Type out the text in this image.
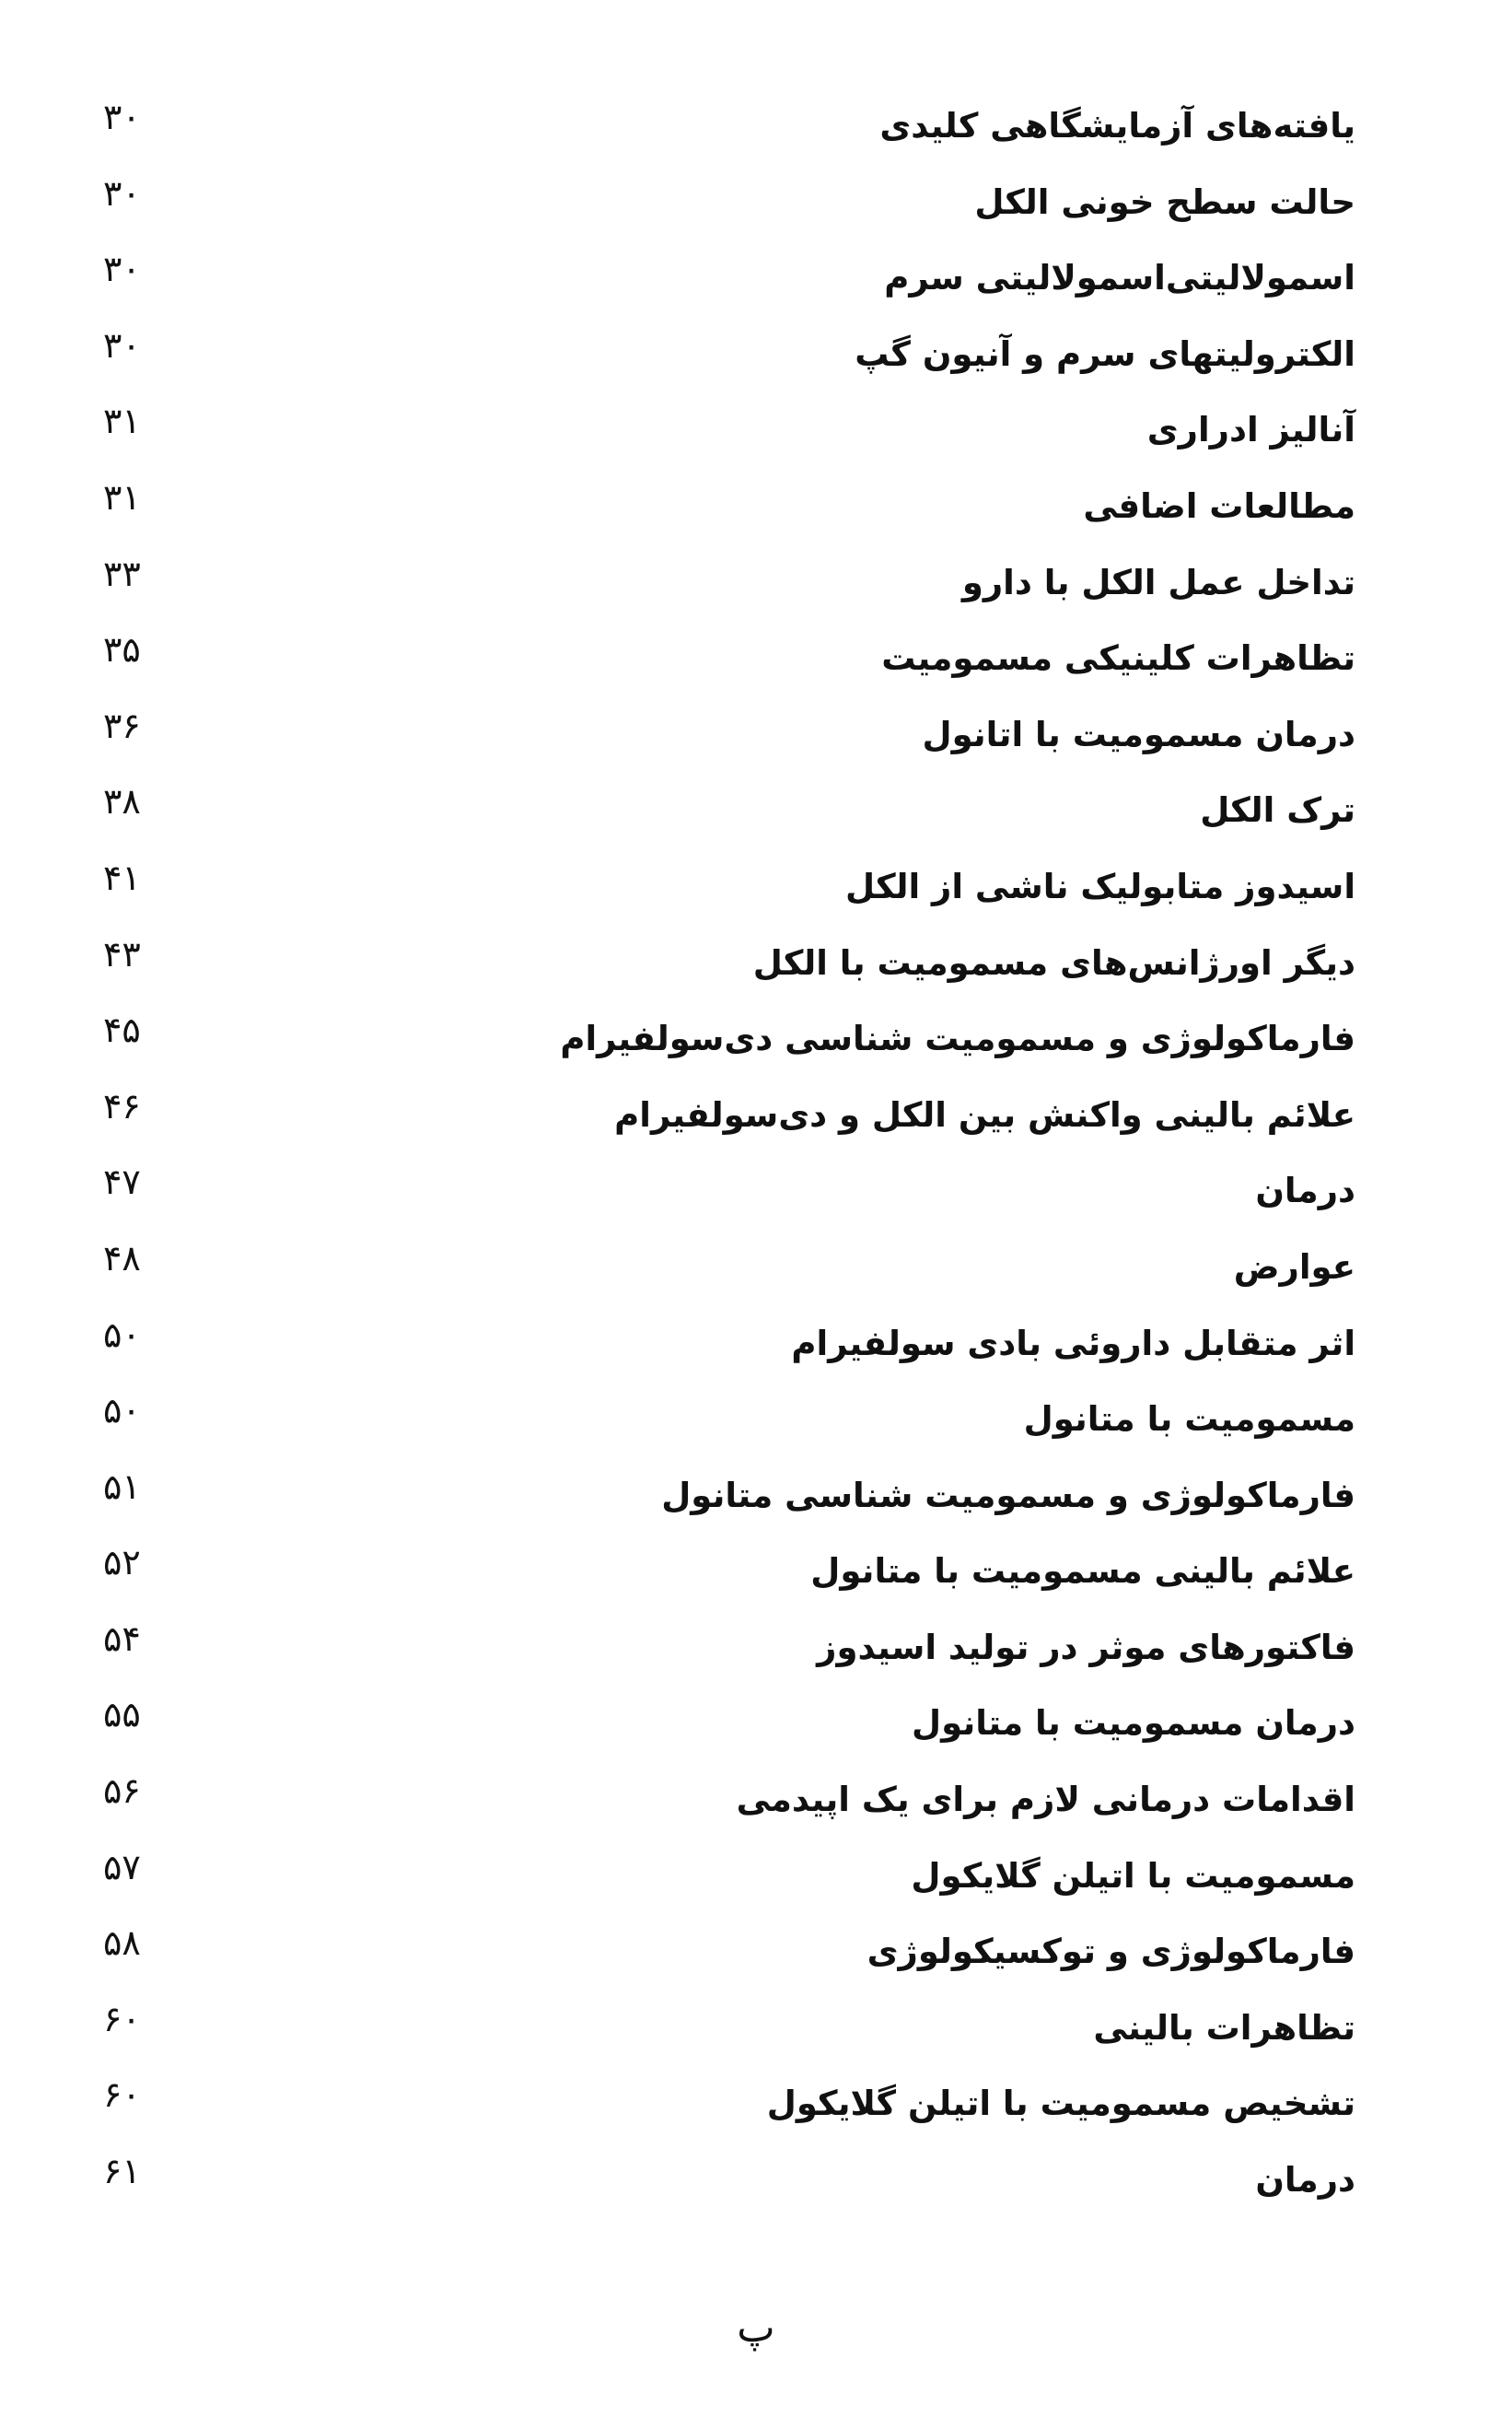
یافته‌های آزمایشگاهی کلیدی
۳۰
حالت سطح خونی الکل
۳۰
اسمولالیتی‌اسمولالیتی سرم
۳۰
الکترولیتهای سرم و آنیون گپ
۳۰
آنالیز ادراری
۳۱
مطالعات اضافی
۳۱
تداخل عمل الکل با دارو
۳۳
تظاهرات کلینیکی مسمومیت
۳۵
درمان مسمومیت با اتانول
۳۶
ترک الکل
۳۸
اسیدوز متابولیک ناشی از الکل
۴۱
دیگر اورژانس‌های مسمومیت با الکل
۴۳
فارماکولوژی و مسمومیت شناسی دی‌سولفیرام
۴۵
علائم بالینی واکنش بین الکل و دی‌سولفیرام
۴۶
درمان
۴۷
عوارض
۴۸
اثر متقابل داروئی بادی سولفیرام
۵۰
مسمومیت با متانول
۵۰
فارماکولوژی و مسمومیت شناسی متانول
۵۱
علائم بالینی مسمومیت با متانول
۵۲
فاکتورهای موثر در تولید اسیدوز
۵۴
درمان مسمومیت با متانول
۵۵
اقدامات درمانی لازم برای یک اپیدمی
۵۶
مسمومیت با اتیلن گلایکول
۵۷
فارماکولوژی و توکسیکولوژی
۵۸
تظاهرات بالینی
۶۰
تشخیص مسمومیت با اتیلن گلایکول
۶۰
درمان
۶۱
پ
